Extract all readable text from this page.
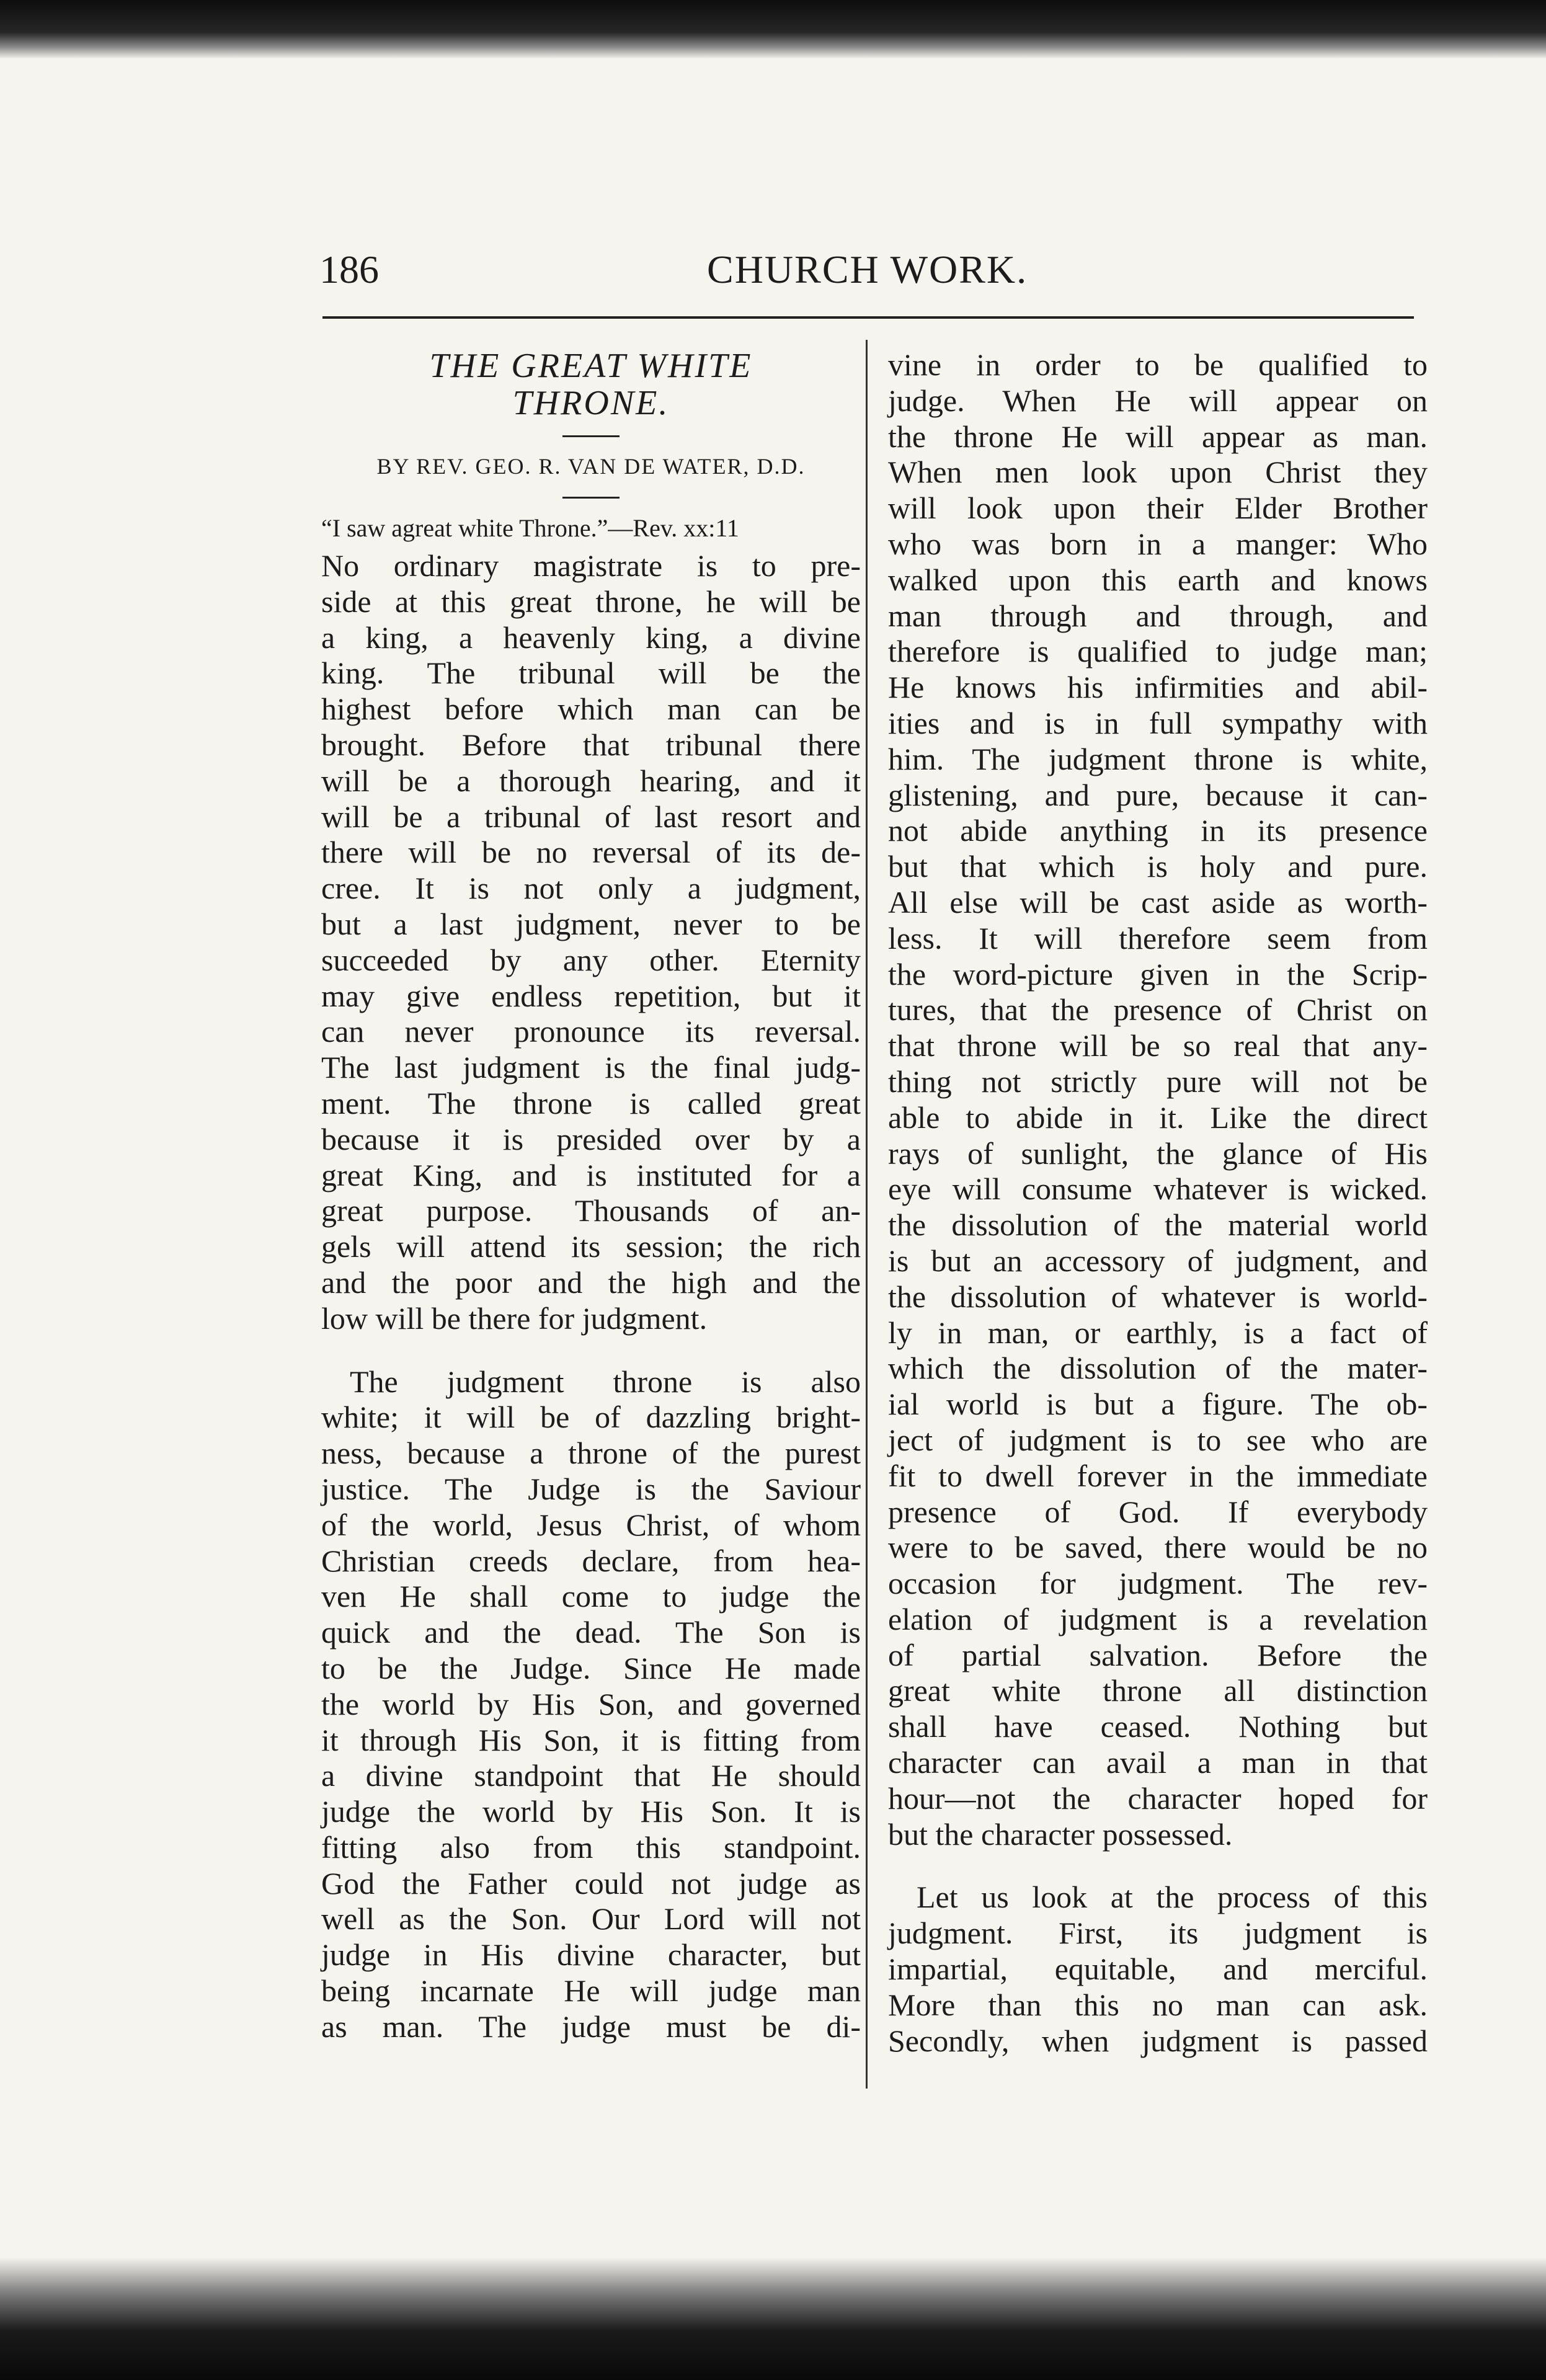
186	CHURCH WORK.
THE GREAT WHITE
THRONE.
BY REV. GEO. R. VAN DE WATER, D.D.
“I saw agreat white Throne.”—Rev. xx:11
No ordinary magistrate is to pre-
side at this great throne, he will be
a king, a heavenly king, a divine
king. The tribunal will be the
highest before which man can be
brought. Before that tribunal there
will be a thorough hearing, and it
will be a tribunal of last resort and
there will be no reversal of its de-
cree. It is not only a judgment,
but a last judgment, never to be
succeeded by any other. Eternity
may give endless repetition, but it
can never pronounce its reversal.
The last judgment is the final judg-
ment. The throne is called great
because it is presided over by a
great King, and is instituted for a
great purpose. Thousands of an-
gels will attend its session; the rich
and the poor and the high and the
low will be there for judgment.
The judgment throne is also
white; it will be of dazzling bright-
ness, because a throne of the purest
justice. The Judge is the Saviour
of the world, Jesus Christ, of whom
Christian creeds declare, from hea-
ven He shall come to judge the
quick and the dead. The Son is
to be the Judge. Since He made
the world by His Son, and governed
it through His Son, it is fitting from
a divine standpoint that He should
judge the world by His Son. It is
fitting also from this standpoint.
God the Father could not judge as
well as the Son. Our Lord will not
judge in His divine character, but
being incarnate He will judge man
as man. The judge must be di-
vine in order to be qualified to
judge. When He will appear on
the throne He will appear as man.
When men look upon Christ they
will look upon their Elder Brother
who was born in a manger: Who
walked upon this earth and knows
man through and through, and
therefore is qualified to judge man;
He knows his infirmities and abil-
ities and is in full sympathy with
him. The judgment throne is white,
glistening, and pure, because it can-
not abide anything in its presence
but that which is holy and pure.
All else will be cast aside as worth-
less. It will therefore seem from
the word-picture given in the Scrip-
tures, that the presence of Christ on
that throne will be so real that any-
thing not strictly pure will not be
able to abide in it. Like the direct
rays of sunlight, the glance of His
eye will consume whatever is wicked.
the dissolution of the material world
is but an accessory of judgment, and
the dissolution of whatever is world-
ly in man, or earthly, is a fact of
which the dissolution of the mater-
ial world is but a figure. The ob-
ject of judgment is to see who are
fit to dwell forever in the immediate
presence of God. If everybody
were to be saved, there would be no
occasion for judgment. The rev-
elation of judgment is a revelation
of partial salvation. Before the
great white throne all distinction
shall have ceased. Nothing but
character can avail a man in that
hour—not the character hoped for
but the character possessed.
Let us look at the process of this
judgment. First, its judgment is
impartial, equitable, and merciful.
More than this no man can ask.
Secondly, when judgment is passed
